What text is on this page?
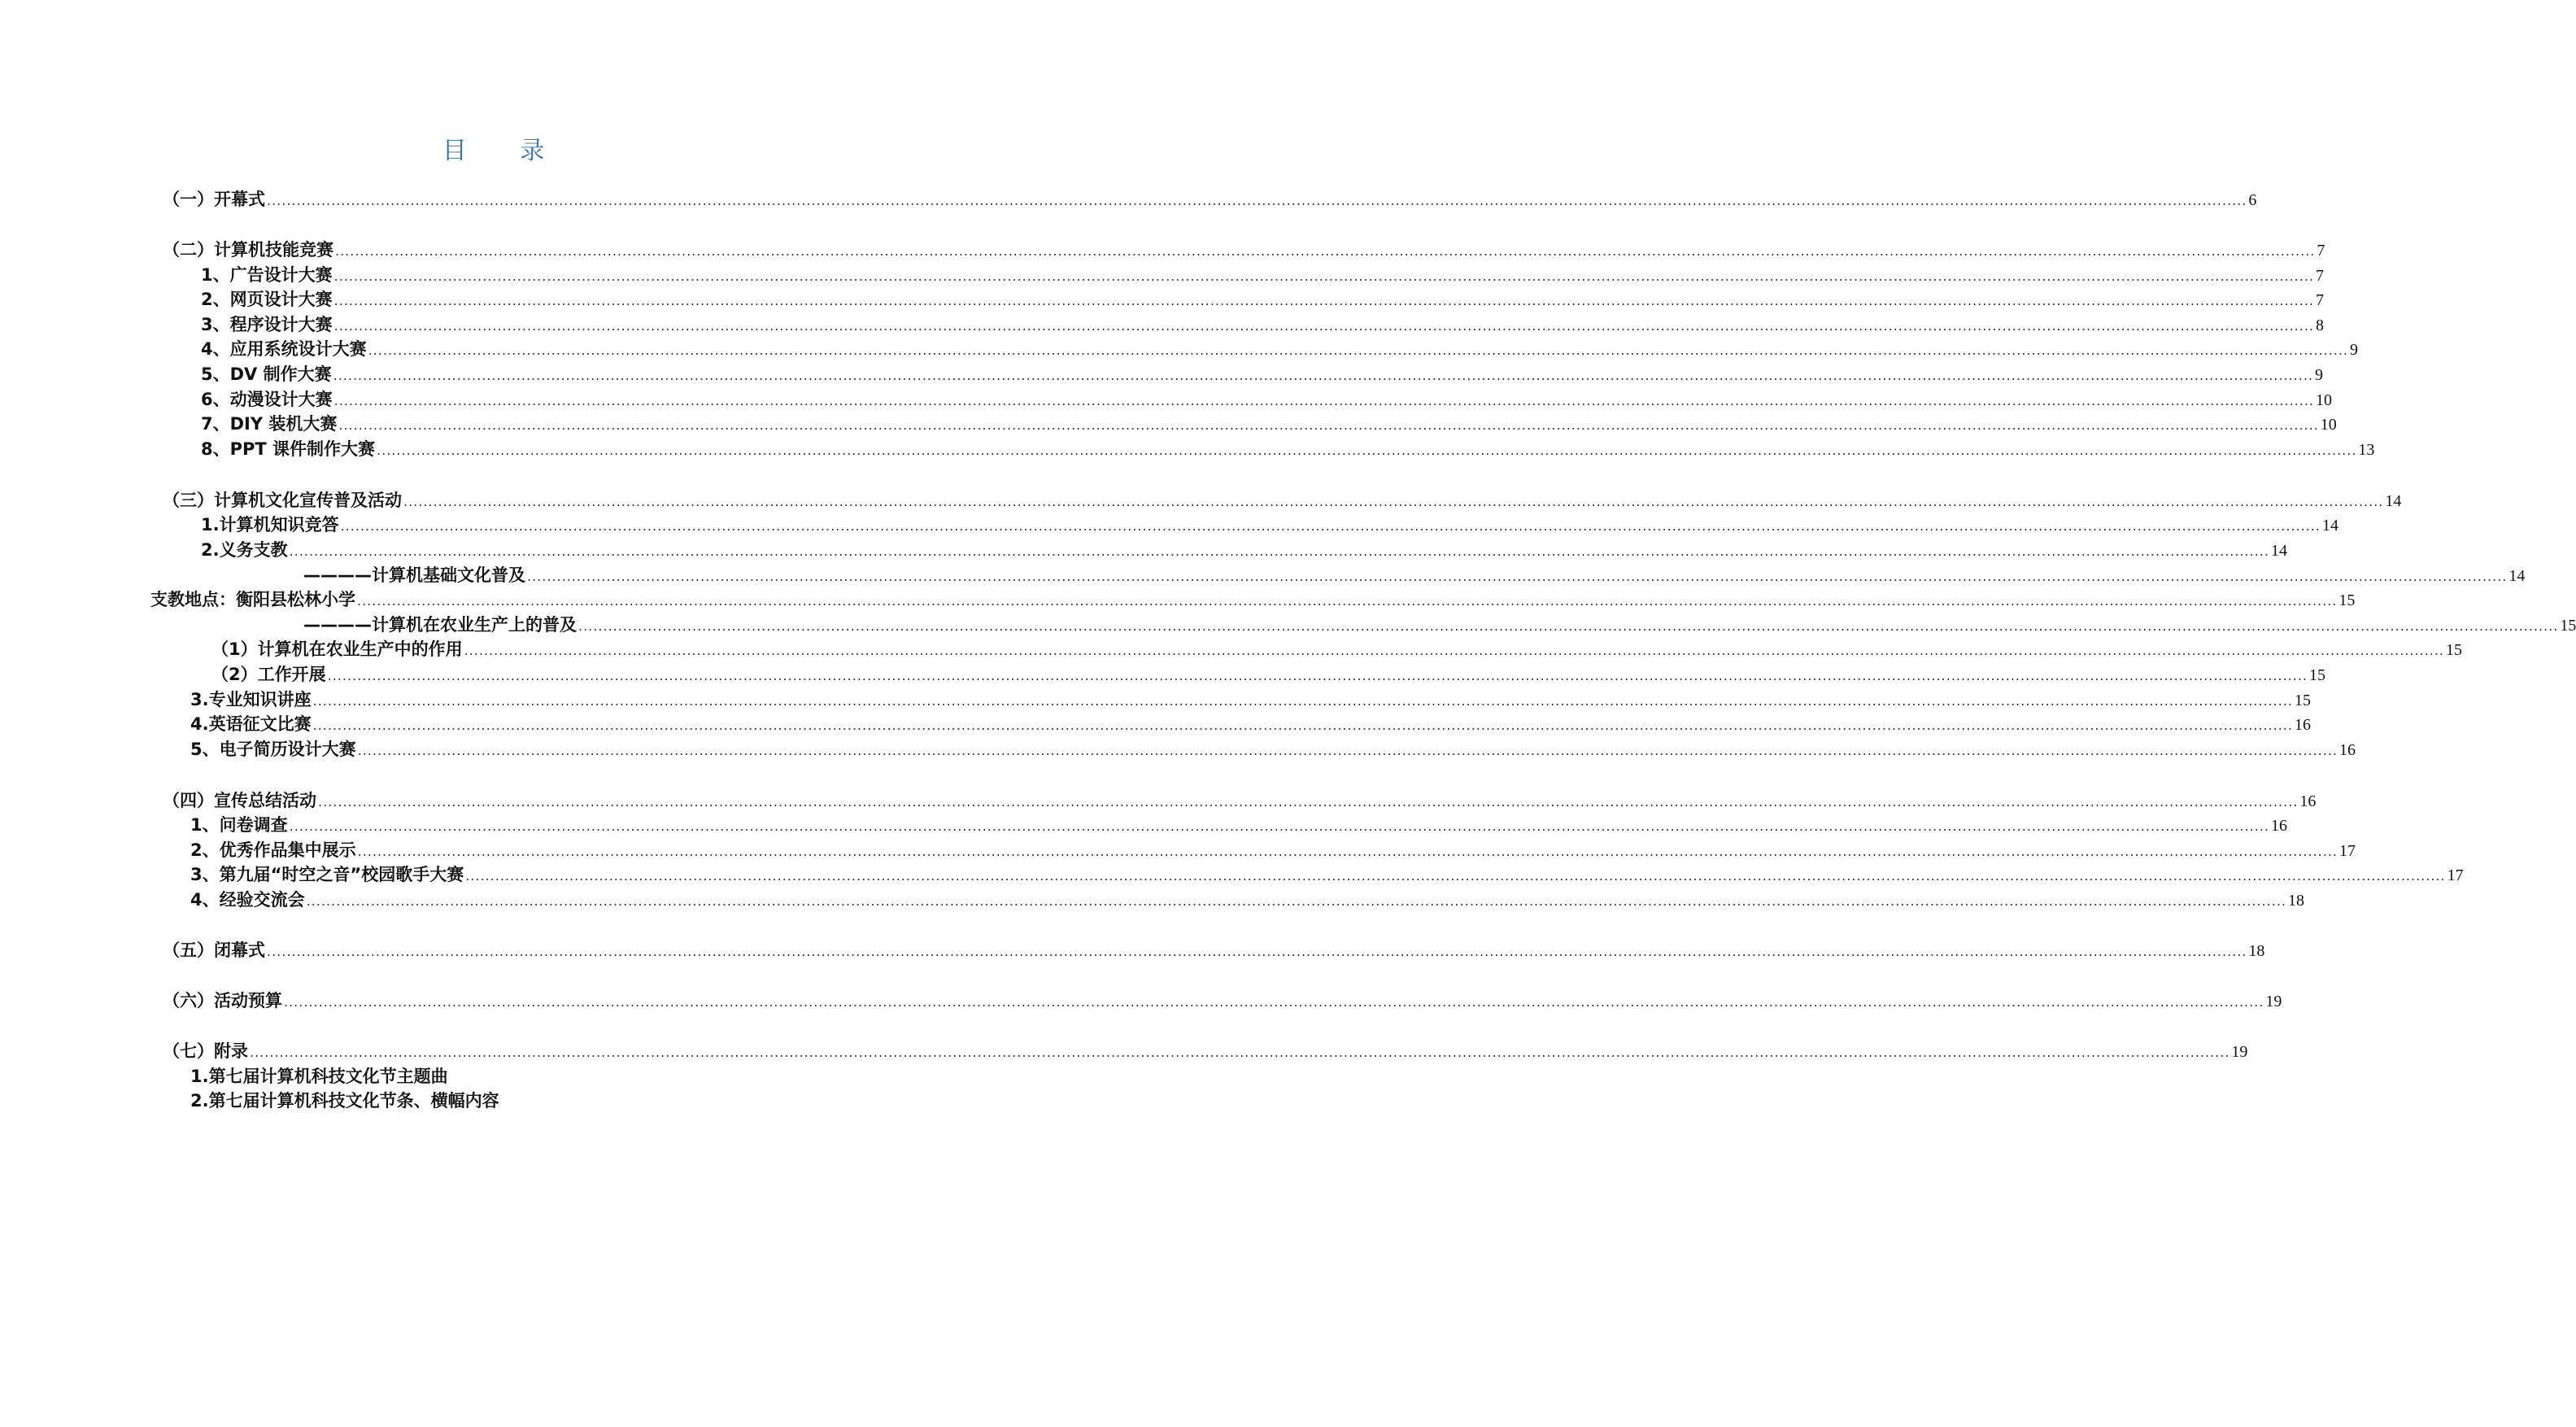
目 录
（一）开幕式 ................................................................................................................................................................................................................................................................................................................................................................................................................ 6
（二）计算机技能竞赛 ................................................................................................................................................................................................................................................................................................................................................................................................................ 7
1、广告设计大赛 ................................................................................................................................................................................................................................................................................................................................................................................................................ 7
2、网页设计大赛 ................................................................................................................................................................................................................................................................................................................................................................................................................ 7
3、程序设计大赛 ................................................................................................................................................................................................................................................................................................................................................................................................................ 8
4、应用系统设计大赛 ................................................................................................................................................................................................................................................................................................................................................................................................................ 9
5、DV 制作大赛 ................................................................................................................................................................................................................................................................................................................................................................................................................ 9
6、动漫设计大赛 ................................................................................................................................................................................................................................................................................................................................................................................................................ 10
7、DIY 装机大赛 ................................................................................................................................................................................................................................................................................................................................................................................................................ 10
8、PPT 课件制作大赛 ................................................................................................................................................................................................................................................................................................................................................................................................................ 13
（三）计算机文化宣传普及活动 ................................................................................................................................................................................................................................................................................................................................................................................................................ 14
1.计算机知识竞答 ................................................................................................................................................................................................................................................................................................................................................................................................................ 14
2.义务支教 ................................................................................................................................................................................................................................................................................................................................................................................................................ 14
————计算机基础文化普及 ................................................................................................................................................................................................................................................................................................................................................................................................................ 14
支教地点：衡阳县松林小学 ................................................................................................................................................................................................................................................................................................................................................................................................................ 15
————计算机在农业生产上的普及 ................................................................................................................................................................................................................................................................................................................................................................................................................ 15
（1）计算机在农业生产中的作用 ................................................................................................................................................................................................................................................................................................................................................................................................................ 15
（2）工作开展 ................................................................................................................................................................................................................................................................................................................................................................................................................ 15
3.专业知识讲座 ................................................................................................................................................................................................................................................................................................................................................................................................................ 15
4.英语征文比赛 ................................................................................................................................................................................................................................................................................................................................................................................................................ 16
5、电子简历设计大赛 ................................................................................................................................................................................................................................................................................................................................................................................................................ 16
（四）宣传总结活动 ................................................................................................................................................................................................................................................................................................................................................................................................................ 16
1、问卷调查 ................................................................................................................................................................................................................................................................................................................................................................................................................ 16
2、优秀作品集中展示 ................................................................................................................................................................................................................................................................................................................................................................................................................ 17
3、第九届“时空之音”校园歌手大赛 ................................................................................................................................................................................................................................................................................................................................................................................................................ 17
4、经验交流会 ................................................................................................................................................................................................................................................................................................................................................................................................................ 18
（五）闭幕式 ................................................................................................................................................................................................................................................................................................................................................................................................................ 18
（六）活动预算 ................................................................................................................................................................................................................................................................................................................................................................................................................ 19
（七）附录 ................................................................................................................................................................................................................................................................................................................................................................................................................ 19
1.第七届计算机科技文化节主题曲
2.第七届计算机科技文化节条、横幅内容
